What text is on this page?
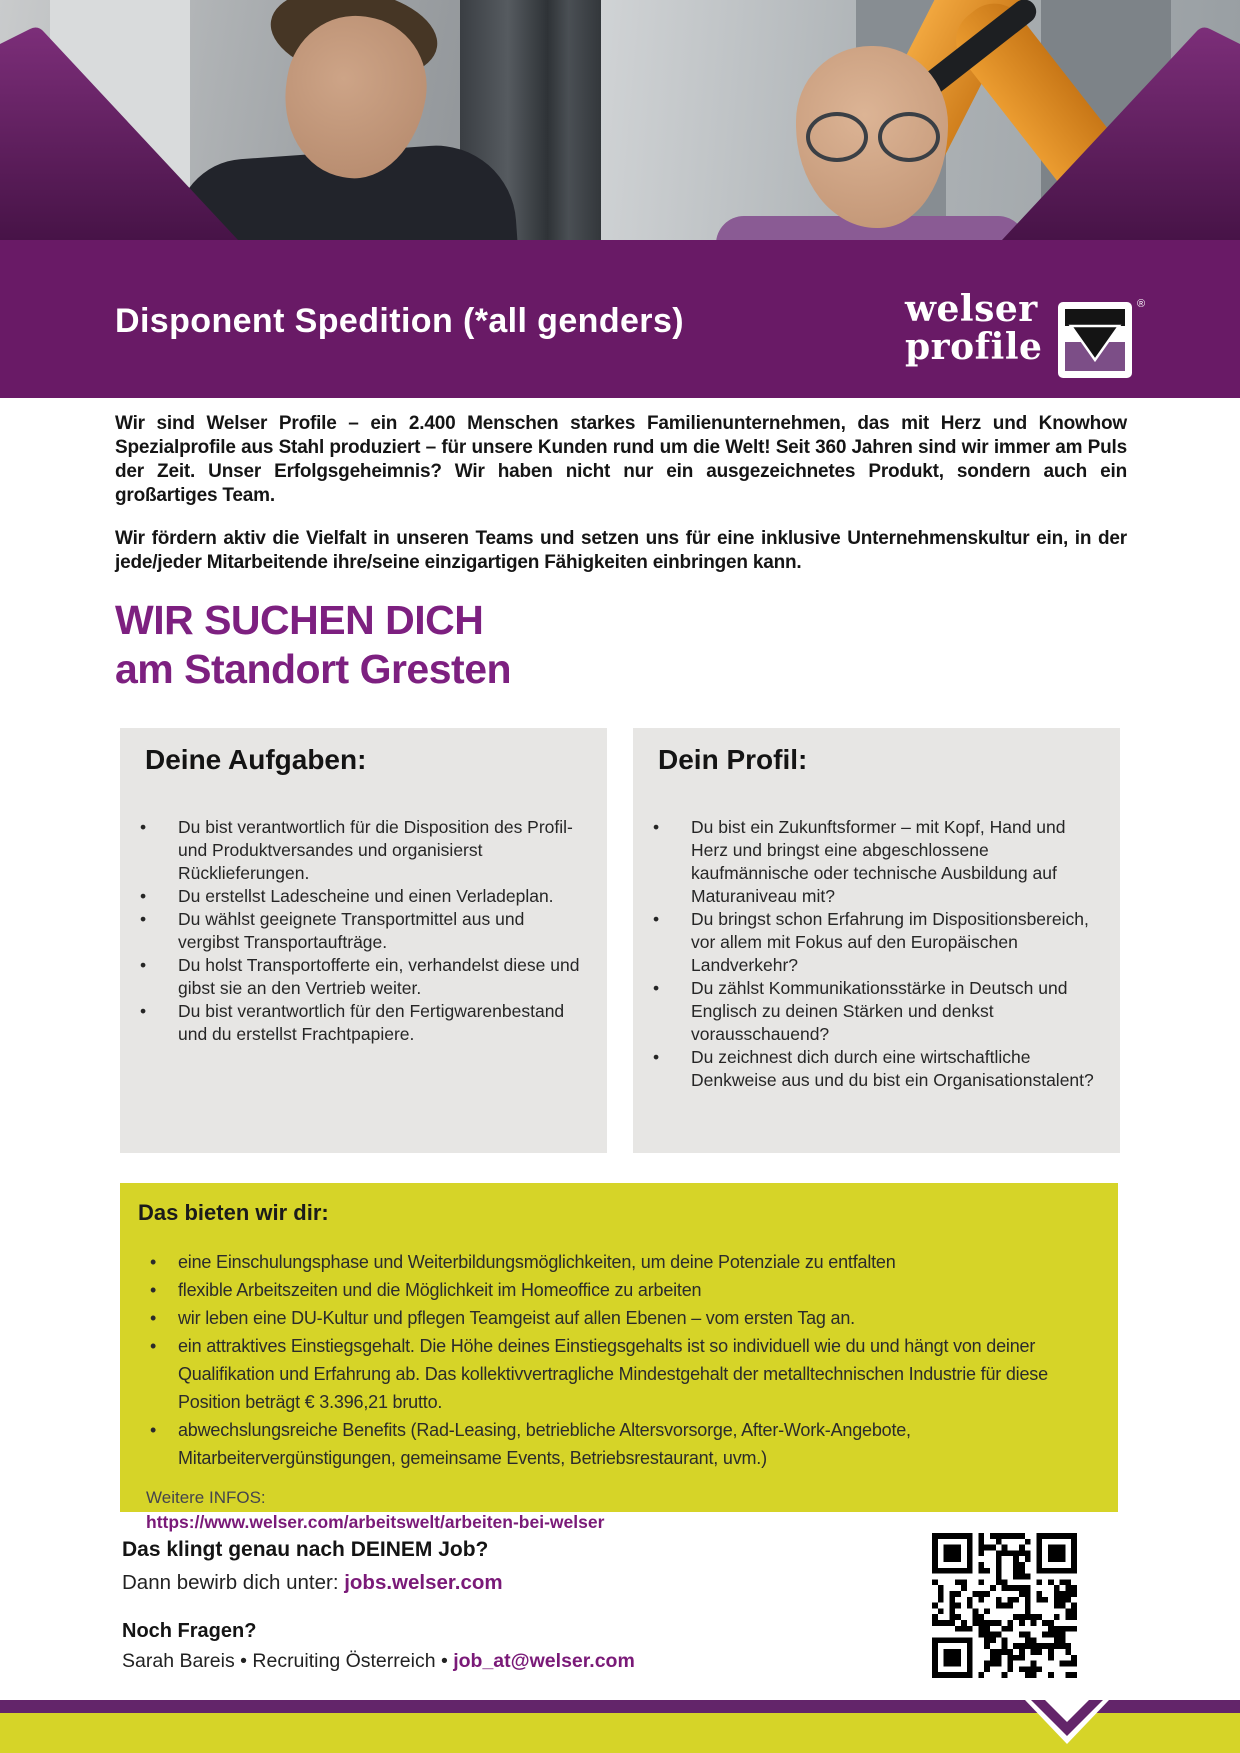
Disponent Spedition (*all genders)	welser
profile
®

Wir sind Welser Profile – ein 2.400 Menschen starkes Familienunternehmen, das mit Herz und Knowhow Spezialprofile aus Stahl produziert – für unsere Kunden rund um die Welt! Seit 360 Jahren sind wir immer am Puls der Zeit. Unser Erfolgsgeheimnis? Wir haben nicht nur ein ausgezeichnetes Produkt, sondern auch ein großartiges Team.

Wir fördern aktiv die Vielfalt in unseren Teams und setzen uns für eine inklusive Unternehmenskultur ein, in der jede/jeder Mitarbeitende ihre/seine einzigartigen Fähigkeiten einbringen kann.

WIR SUCHEN DICH
am Standort Gresten
Deine Aufgaben:
• Du bist verantwortlich für die Disposition des Profil- und Produktversandes und organisierst Rücklieferungen.
• Du erstellst Ladescheine und einen Verladeplan.
• Du wählst geeignete Transportmittel aus und vergibst Transportaufträge.
• Du holst Transportofferte ein, verhandelst diese und gibst sie an den Vertrieb weiter.
• Du bist verantwortlich für den Fertigwarenbestand und du erstellst Frachtpapiere.
Dein Profil:
• Du bist ein Zukunftsformer – mit Kopf, Hand und Herz und bringst eine abgeschlossene kaufmännische oder technische Ausbildung auf Maturaniveau mit?
• Du bringst schon Erfahrung im Dispositionsbereich, vor allem mit Fokus auf den Europäischen Landverkehr?
• Du zählst Kommunikationsstärke in Deutsch und Englisch zu deinen Stärken und denkst vorausschauend?
• Du zeichnest dich durch eine wirtschaftliche Denkweise aus und du bist ein Organisationstalent?
Das bieten wir dir:
• eine Einschulungsphase und Weiterbildungsmöglichkeiten, um deine Potenziale zu entfalten
• flexible Arbeitszeiten und die Möglichkeit im Homeoffice zu arbeiten
• wir leben eine DU-Kultur und pflegen Teamgeist auf allen Ebenen – vom ersten Tag an.
• ein attraktives Einstiegsgehalt. Die Höhe deines Einstiegsgehalts ist so individuell wie du und hängt von deiner Qualifikation und Erfahrung ab. Das kollektivvertragliche Mindestgehalt der metalltechnischen Industrie für diese Position beträgt € 3.396,21 brutto.
• abwechslungsreiche Benefits (Rad-Leasing, betriebliche Altersvorsorge, After-Work-Angebote, Mitarbeitervergünstigungen, gemeinsame Events, Betriebsrestaurant, uvm.)
Weitere INFOS:
https://www.welser.com/arbeitswelt/arbeiten-bei-welser

Das klingt genau nach DEINEM Job?

Dann bewirb dich unter: jobs.welser.com

Noch Fragen?

Sarah Bareis • Recruiting Österreich • job_at@welser.com
